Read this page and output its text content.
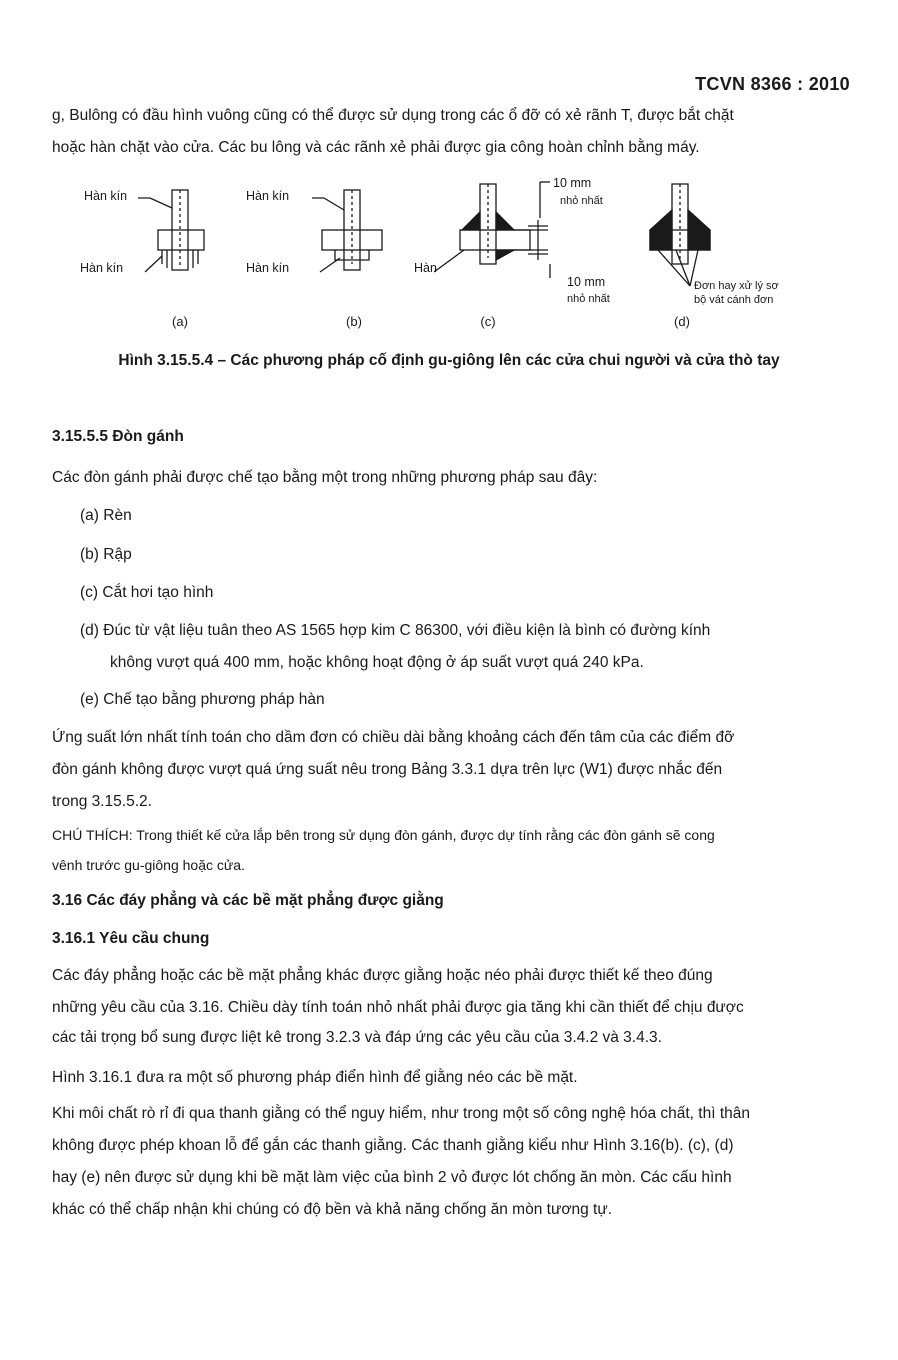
TCVN 8366 : 2010

g, Bulông có đầu hình vuông cũng có thể được sử dụng trong các ổ đỡ có xẻ rãnh T, được bắt chặt

hoặc hàn chặt vào cửa. Các bu lông và các rãnh xẻ phải được gia công hoàn chỉnh bằng máy.

Hàn kín
Hàn kín
(a)
Hàn kín
Hàn kín
(b)
Hàn
10 mm
nhỏ nhất
10 mm
nhỏ nhất
(c)
Đơn hay xử lý sơ
bộ vát cánh đơn
(d)
Hình 3.15.5.4 – Các phương pháp cố định gu-giông lên các cửa chui người và cửa thò tay

3.15.5.5 Đòn gánh

Các đòn gánh phải được chế tạo bằng một trong những phương pháp sau đây:

(a) Rèn

(b) Rập

(c) Cắt hơi tạo hình

(d) Đúc từ vật liệu tuân theo AS 1565 hợp kim C 86300, với điều kiện là bình có đường kính
không vượt quá 400 mm, hoặc không hoạt động ở áp suất vượt quá 240 kPa.

(e) Chế tạo bằng phương pháp hàn

Ứng suất lớn nhất tính toán cho dầm đơn có chiều dài bằng khoảng cách đến tâm của các điểm đỡ

đòn gánh không được vượt quá ứng suất nêu trong Bảng 3.3.1 dựa trên lực (W1) được nhắc đến

trong 3.15.5.2.

CHÚ THÍCH: Trong thiết kế cửa lắp bên trong sử dụng đòn gánh, được dự tính rằng các đòn gánh sẽ cong

vênh trước gu-giông hoặc cửa.

3.16 Các đáy phẳng và các bề mặt phẳng được giằng

3.16.1 Yêu cầu chung

Các đáy phẳng hoặc các bề mặt phẳng khác được giằng hoặc néo phải được thiết kế theo đúng

những yêu cầu của 3.16. Chiều dày tính toán nhỏ nhất phải được gia tăng khi cần thiết để chịu được

các tải trọng bổ sung được liệt kê trong 3.2.3 và đáp ứng các yêu cầu của 3.4.2 và 3.4.3.

Hình 3.16.1 đưa ra một số phương pháp điển hình để giằng néo các bề mặt.

Khi môi chất rò rỉ đi qua thanh giằng có thể nguy hiểm, như trong một số công nghệ hóa chất, thì thân

không được phép khoan lỗ để gắn các thanh giằng. Các thanh giằng kiểu như Hình 3.16(b). (c), (d)

hay (e) nên được sử dụng khi bề mặt làm việc của bình 2 vỏ được lót chống ăn mòn. Các cấu hình

khác có thể chấp nhận khi chúng có độ bền và khả năng chống ăn mòn tương tự.
